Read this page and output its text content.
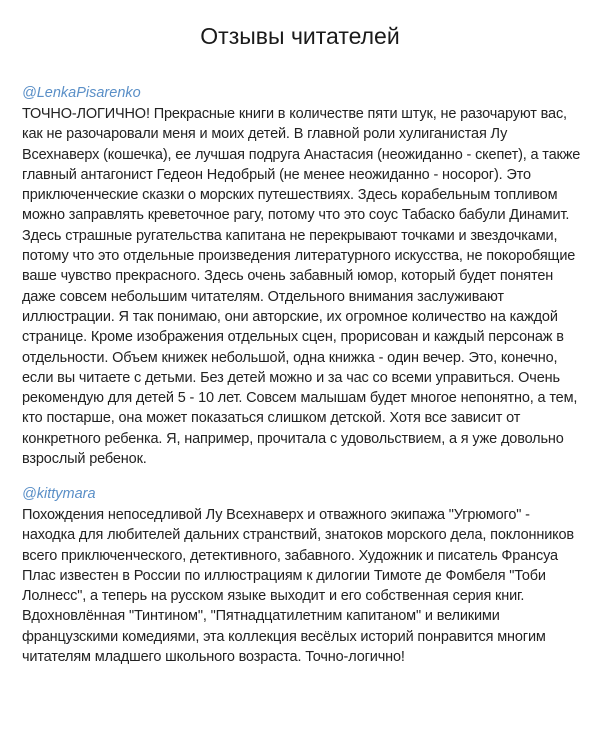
Отзывы читателей
@LenkaPisarenko

ТОЧНО-ЛОГИЧНО! Прекрасные книги в количестве пяти штук, не разочаруют вас, как не разочаровали меня и моих детей. В главной роли хулиганистая Лу Всехнаверх (кошечка), ее лучшая подруга Анастасия (неожиданно - скепет), а также главный антагонист Гедеон Недобрый (не менее неожиданно - носорог). Это приключенческие сказки о морских путешествиях. Здесь корабельным топливом можно заправлять креветочное рагу, потому что это соус Табаско бабули Динамит. Здесь страшные ругательства капитана не перекрывают точками и звездочками, потому что это отдельные произведения литературного искусства, не покоробящие ваше чувство прекрасного. Здесь очень забавный юмор, который будет понятен даже совсем небольшим читателям. Отдельного внимания заслуживают иллюстрации. Я так понимаю, они авторские, их огромное количество на каждой странице. Кроме изображения отдельных сцен, прорисован и каждый персонаж в отдельности. Объем книжек небольшой, одна книжка - один вечер. Это, конечно, если вы читаете с детьми. Без детей можно и за час со всеми управиться. Очень рекомендую для детей 5 - 10 лет. Совсем малышам будет многое непонятно, а тем, кто постарше, она может показаться слишком детской. Хотя все зависит от конкретного ребенка. Я, например, прочитала с удовольствием, а я уже довольно взрослый ребенок.

@kittymara

Похождения непоседливой Лу Всехнаверх и отважного экипажа "Угрюмого" - находка для любителей дальних странствий, знатоков морского дела, поклонников всего приключенческого, детективного, забавного. Художник и писатель Франсуа Плас известен в России по иллюстрациям к дилогии Тимоте де Фомбеля "Тоби Лолнесс", а теперь на русском языке выходит и его собственная серия книг. Вдохновлённая "Тинтином", "Пятнадцатилетним капитаном" и великими французскими комедиями, эта коллекция весёлых историй понравится многим читателям младшего школьного возраста. Точно-логично!
